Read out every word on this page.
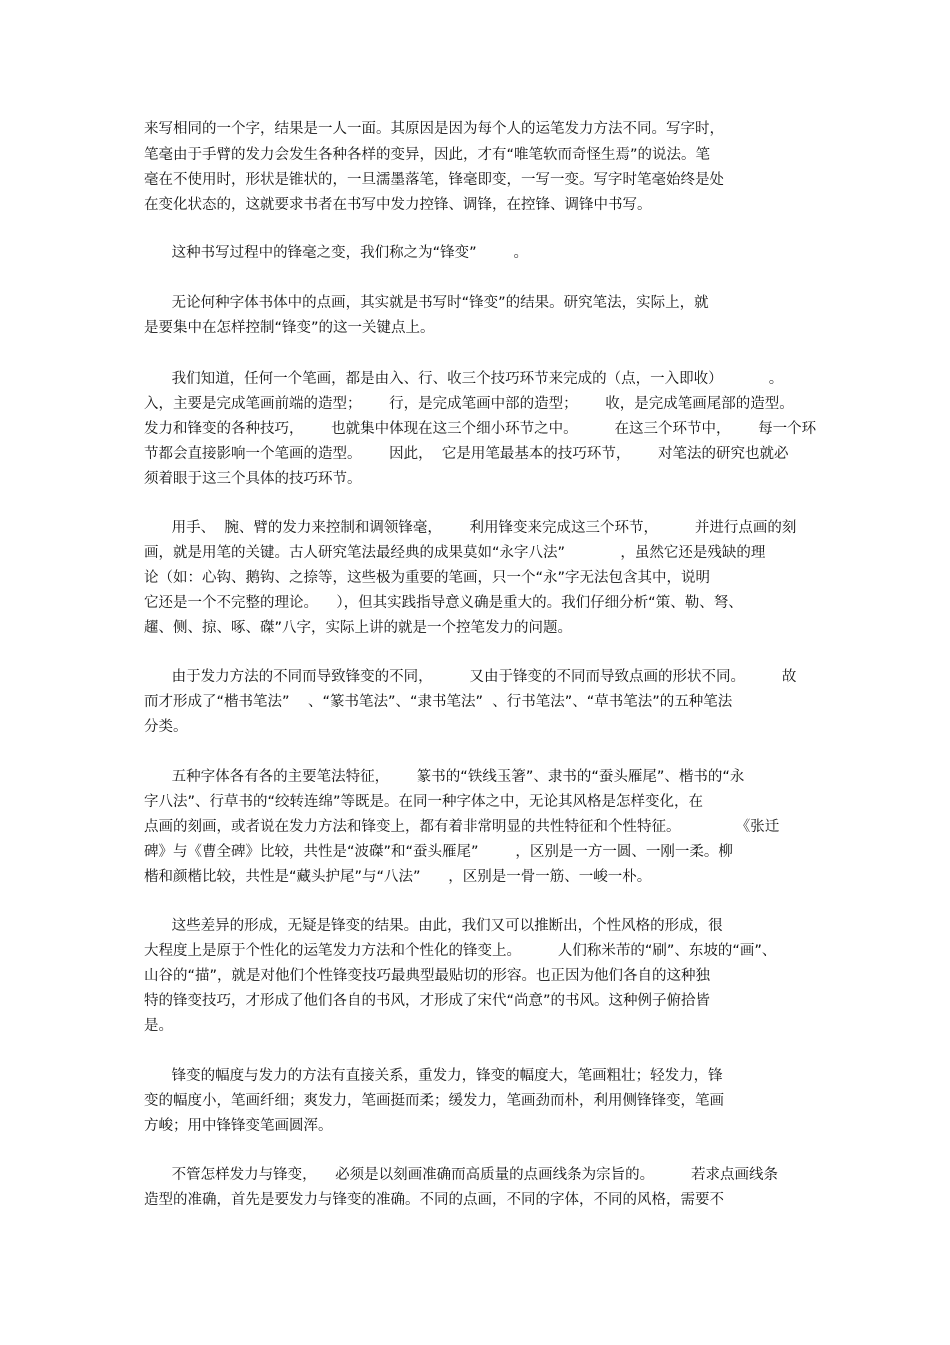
来写相同的一个字，结果是一人一面。其原因是因为每个人的运笔发力方法不同。写字时，
笔毫由于手臂的发力会发生各种各样的变异，因此，才有“唯笔软而奇怪生焉”的说法。笔
毫在不使用时，形状是锥状的，一旦濡墨落笔，锋毫即变，一写一变。写字时笔毫始终是处
在变化状态的，这就要求书者在书写中发力控锋、调锋，在控锋、调锋中书写。
这种书写过程中的锋毫之变，我们称之为“锋变”        。
无论何种字体书体中的点画，其实就是书写时“锋变”的结果。研究笔法，实际上，就
是要集中在怎样控制“锋变”的这一关键点上。
我们知道，任何一个笔画，都是由入、行、收三个技巧环节来完成的（点，一入即收）          。
入，主要是完成笔画前端的造型；      行，是完成笔画中部的造型；      收，是完成笔画尾部的造型。
发力和锋变的各种技巧，      也就集中体现在这三个细小环节之中。        在这三个环节中，      每一个环
节都会直接影响一个笔画的造型。      因此，  它是用笔最基本的技巧环节，      对笔法的研究也就必
须着眼于这三个具体的技巧环节。
用手、  腕、臂的发力来控制和调领锋毫，      利用锋变来完成这三个环节，        并进行点画的刻
画，就是用笔的关键。古人研究笔法最经典的成果莫如“永字八法”            ，虽然它还是残缺的理
论（如：心钩、鹅钩、之捺等，这些极为重要的笔画，只一个“永”字无法包含其中，说明
它还是一个不完整的理论。    ），但其实践指导意义确是重大的。我们仔细分析“策、勒、弩、
趯、侧、掠、啄、磔”八字，实际上讲的就是一个控笔发力的问题。
由于发力方法的不同而导致锋变的不同，        又由于锋变的不同而导致点画的形状不同。        故
而才形成了“楷书笔法”    、“篆书笔法”、“隶书笔法”  、行书笔法”、“草书笔法”的五种笔法
分类。
五种字体各有各的主要笔法特征，      篆书的“铁线玉箸”、隶书的“蚕头雁尾”、楷书的“永
字八法”、行草书的“绞转连绵”等既是。在同一种字体之中，无论其风格是怎样变化，在
点画的刻画，或者说在发力方法和锋变上，都有着非常明显的共性特征和个性特征。            《张迁
碑》与《曹全碑》比较，共性是“波磔”和“蚕头雁尾”        ，区别是一方一圆、一刚一柔。柳
楷和颜楷比较，共性是“藏头护尾”与“八法”      ，区别是一骨一筋、一峻一朴。
这些差异的形成，无疑是锋变的结果。由此，我们又可以推断出，个性风格的形成，很
大程度上是原于个性化的运笔发力方法和个性化的锋变上。        人们称米芾的“刷”、东坡的“画”、
山谷的“描”，就是对他们个性锋变技巧最典型最贴切的形容。也正因为他们各自的这种独
特的锋变技巧，才形成了他们各自的书风，才形成了宋代“尚意”的书风。这种例子俯拾皆
是。
锋变的幅度与发力的方法有直接关系，重发力，锋变的幅度大，笔画粗壮；轻发力，锋
变的幅度小，笔画纤细；爽发力，笔画挺而柔；缓发力，笔画劲而朴，利用侧锋锋变，笔画
方峻；用中锋锋变笔画圆浑。
不管怎样发力与锋变，    必须是以刻画准确而高质量的点画线条为宗旨的。        若求点画线条
造型的准确，首先是要发力与锋变的准确。不同的点画，不同的字体，不同的风格，需要不
